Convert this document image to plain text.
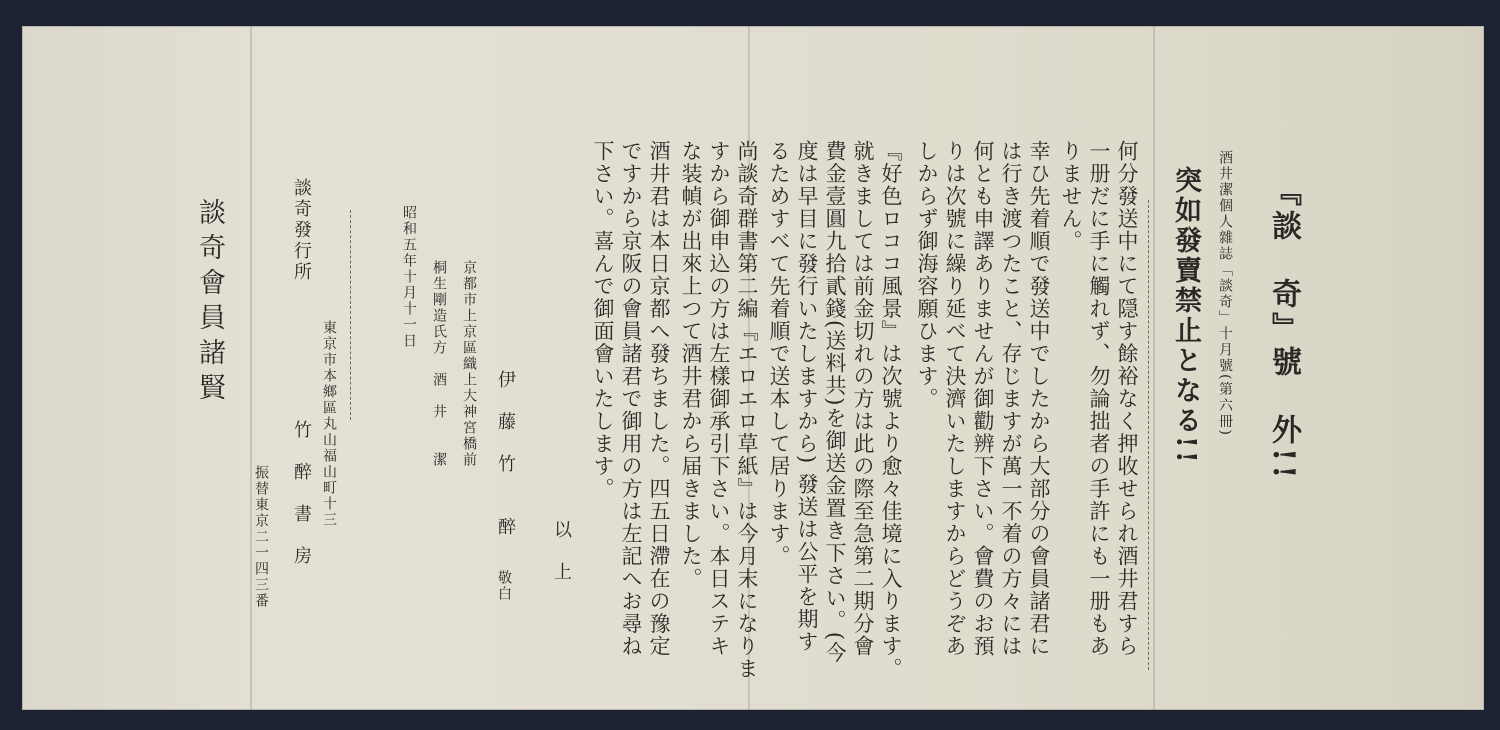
『談　奇』號　外!!
酒井潔個人雜誌「談奇」十月號(第六冊)
突如發賣禁止となる!!
何分發送中にて隠す餘裕なく押收せられ酒井君すら
一册だに手に觸れず、勿論拙者の手許にも一册もあ
りません。
幸ひ先着順で發送中でしたから大部分の會員諸君に
は行き渡つたこと、存じますが萬一不着の方々には
何とも申譯ありませんが御勸辨下さい。會費のお預
りは次號に繰り延べて決濟いたしますからどうぞあ
しからず御海容願ひます。
『好色ロココ風景』は次號より愈々佳境に入ります。
就きましては前金切れの方は此の際至急第二期分會
費金壹圓九拾貳錢(送料共)を御送金置き下さい。(今
度は早目に發行いたしますから) 發送は公平を期す
るためすべて先着順で送本して居ります。
尚談奇群書第二編『エロエロ草紙』は今月末になりま
すから御申込の方は左樣御承引下さい。本日ステキ
な装幀が出來上つて酒井君から届きました。
酒井君は本日京都へ發ちました。四五日滯在の豫定
ですから京阪の會員諸君で御用の方は左記へお尋ね
下さい。喜んで御面會いたします。
以　上
伊　藤　竹　　醉
敬白
京都市上京區織上大神宮橋前
桐生剛造氏方　酒　井　　潔
昭和五年十月十一日
東京市本鄉區丸山福山町十三
竹　醉　書　房
談奇發行所
振替東京二一四三番
談奇會員諸賢
